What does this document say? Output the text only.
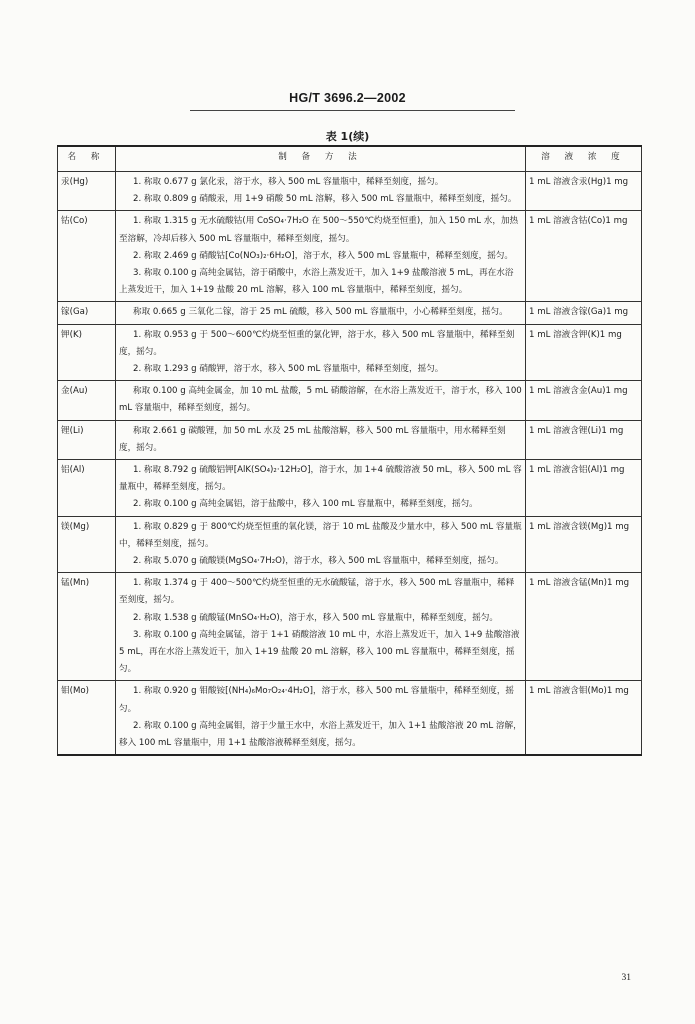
HG/T 3696.2—2002
表 1(续)
名 称	制 备 方 法	溶 液 浓 度
汞(Hg)	1. 称取 0.677 g 氯化汞，溶于水，移入 500 mL 容量瓶中，稀释至刻度，摇匀。

2. 称取 0.809 g 硝酸汞，用 1+9 硝酸 50 mL 溶解，移入 500 mL 容量瓶中，稀释至刻度，摇匀。	1 mL 溶液含汞(Hg)1 mg
钴(Co)	1. 称取 1.315 g 无水硫酸钴(用 CoSO₄·7H₂O 在 500～550℃灼烧至恒重)，加入 150 mL 水，加热至溶解，冷却后移入 500 mL 容量瓶中，稀释至刻度，摇匀。

2. 称取 2.469 g 硝酸钴[Co(NO₃)₂·6H₂O]，溶于水，移入 500 mL 容量瓶中，稀释至刻度，摇匀。

3. 称取 0.100 g 高纯金属钴，溶于硝酸中，水浴上蒸发近干，加入 1+9 盐酸溶液 5 mL，再在水浴上蒸发近干，加入 1+19 盐酸 20 mL 溶解，移入 100 mL 容量瓶中，稀释至刻度，摇匀。	1 mL 溶液含钴(Co)1 mg
镓(Ga)	称取 0.665 g 三氧化二镓，溶于 25 mL 硫酸，移入 500 mL 容量瓶中，小心稀释至刻度，摇匀。	1 mL 溶液含镓(Ga)1 mg
钾(K)	1. 称取 0.953 g 于 500～600℃灼烧至恒重的氯化钾，溶于水，移入 500 mL 容量瓶中，稀释至刻度，摇匀。

2. 称取 1.293 g 硝酸钾，溶于水，移入 500 mL 容量瓶中，稀释至刻度，摇匀。	1 mL 溶液含钾(K)1 mg
金(Au)	称取 0.100 g 高纯金属金，加 10 mL 盐酸，5 mL 硝酸溶解，在水浴上蒸发近干，溶于水，移入 100 mL 容量瓶中，稀释至刻度，摇匀。	1 mL 溶液含金(Au)1 mg
锂(Li)	称取 2.661 g 碳酸锂，加 50 mL 水及 25 mL 盐酸溶解，移入 500 mL 容量瓶中，用水稀释至刻度，摇匀。	1 mL 溶液含锂(Li)1 mg
铝(Al)	1. 称取 8.792 g 硫酸铝钾[AlK(SO₄)₂·12H₂O]，溶于水，加 1+4 硫酸溶液 50 mL，移入 500 mL 容量瓶中，稀释至刻度，摇匀。

2. 称取 0.100 g 高纯金属铝，溶于盐酸中，移入 100 mL 容量瓶中，稀释至刻度，摇匀。	1 mL 溶液含铝(Al)1 mg
镁(Mg)	1. 称取 0.829 g 于 800℃灼烧至恒重的氧化镁，溶于 10 mL 盐酸及少量水中，移入 500 mL 容量瓶中，稀释至刻度，摇匀。

2. 称取 5.070 g 硫酸镁(MgSO₄·7H₂O)，溶于水，移入 500 mL 容量瓶中，稀释至刻度，摇匀。	1 mL 溶液含镁(Mg)1 mg
锰(Mn)	1. 称取 1.374 g 于 400～500℃灼烧至恒重的无水硫酸锰，溶于水，移入 500 mL 容量瓶中，稀释至刻度，摇匀。

2. 称取 1.538 g 硫酸锰(MnSO₄·H₂O)，溶于水，移入 500 mL 容量瓶中，稀释至刻度，摇匀。

3. 称取 0.100 g 高纯金属锰，溶于 1+1 硝酸溶液 10 mL 中，水浴上蒸发近干，加入 1+9 盐酸溶液 5 mL，再在水浴上蒸发近干，加入 1+19 盐酸 20 mL 溶解，移入 100 mL 容量瓶中，稀释至刻度，摇匀。	1 mL 溶液含锰(Mn)1 mg
钼(Mo)	1. 称取 0.920 g 钼酸铵[(NH₄)₆Mo₇O₂₄·4H₂O]，溶于水，移入 500 mL 容量瓶中，稀释至刻度，摇匀。

2. 称取 0.100 g 高纯金属钼，溶于少量王水中，水浴上蒸发近干，加入 1+1 盐酸溶液 20 mL 溶解，移入 100 mL 容量瓶中，用 1+1 盐酸溶液稀释至刻度，摇匀。	1 mL 溶液含钼(Mo)1 mg
31
